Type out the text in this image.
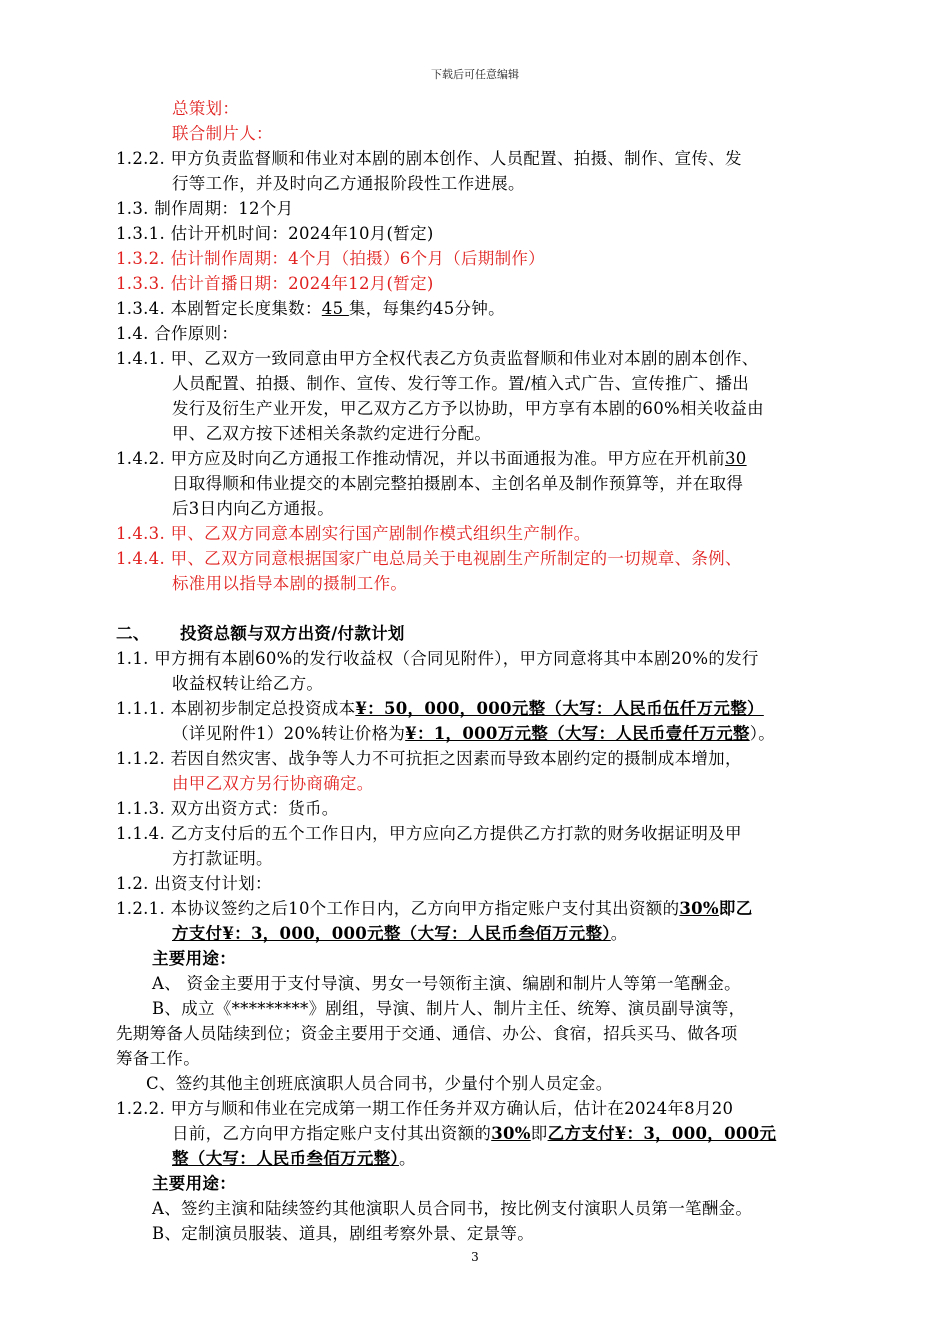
下载后可任意编辑
总策划：
联合制片人：
1.2.2. 甲方负责监督顺和伟业对本剧的剧本创作、人员配置、拍摄、制作、宣传、发
行等工作，并及时向乙方通报阶段性工作进展。
1.3. 制作周期：12个月
1.3.1. 估计开机时间：2024年10月(暂定)
1.3.2. 估计制作周期：4个月（拍摄）6个月（后期制作）
1.3.3. 估计首播日期：2024年12月(暂定)
1.3.4. 本剧暂定长度集数：45 集，每集约45分钟。
1.4. 合作原则：
1.4.1. 甲、乙双方一致同意由甲方全权代表乙方负责监督顺和伟业对本剧的剧本创作、
人员配置、拍摄、制作、宣传、发行等工作。置/植入式广告、宣传推广、播出
发行及衍生产业开发，甲乙双方乙方予以协助，甲方享有本剧的60%相关收益由
甲、乙双方按下述相关条款约定进行分配。
1.4.2. 甲方应及时向乙方通报工作推动情况，并以书面通报为准。甲方应在开机前30
日取得顺和伟业提交的本剧完整拍摄剧本、主创名单及制作预算等，并在取得
后3日内向乙方通报。
1.4.3. 甲、乙双方同意本剧实行国产剧制作模式组织生产制作。
1.4.4. 甲、乙双方同意根据国家广电总局关于电视剧生产所制定的一切规章、条例、
标准用以指导本剧的摄制工作。
二、 投资总额与双方出资/付款计划
1.1. 甲方拥有本剧60%的发行收益权（合同见附件），甲方同意将其中本剧20%的发行
收益权转让给乙方。
1.1.1. 本剧初步制定总投资成本¥：50，000，000元整（大写：人民币伍仟万元整）
（详见附件1）20%转让价格为¥：1，000万元整（大写：人民币壹仟万元整）。
1.1.2. 若因自然灾害、战争等人力不可抗拒之因素而导致本剧约定的摄制成本增加，
由甲乙双方另行协商确定。
1.1.3. 双方出资方式：货币。
1.1.4. 乙方支付后的五个工作日内，甲方应向乙方提供乙方打款的财务收据证明及甲
方打款证明。
1.2. 出资支付计划：
1.2.1. 本协议签约之后10个工作日内，乙方向甲方指定账户支付其出资额的30%即乙
方支付¥：3，000，000元整（大写：人民币叁佰万元整）。
主要用途：
A、 资金主要用于支付导演、男女一号领衔主演、编剧和制片人等第一笔酬金。
B、成立《*********》剧组，导演、制片人、制片主任、统筹、演员副导演等，
先期筹备人员陆续到位；资金主要用于交通、通信、办公、食宿，招兵买马、做各项
筹备工作。
C、签约其他主创班底演职人员合同书，少量付个别人员定金。
1.2.2. 甲方与顺和伟业在完成第一期工作任务并双方确认后，估计在2024年8月20
日前，乙方向甲方指定账户支付其出资额的30%即乙方支付¥：3，000，000元
整（大写：人民币叁佰万元整）。
主要用途：
A、签约主演和陆续签约其他演职人员合同书，按比例支付演职人员第一笔酬金。
B、定制演员服装、道具，剧组考察外景、定景等。
3
